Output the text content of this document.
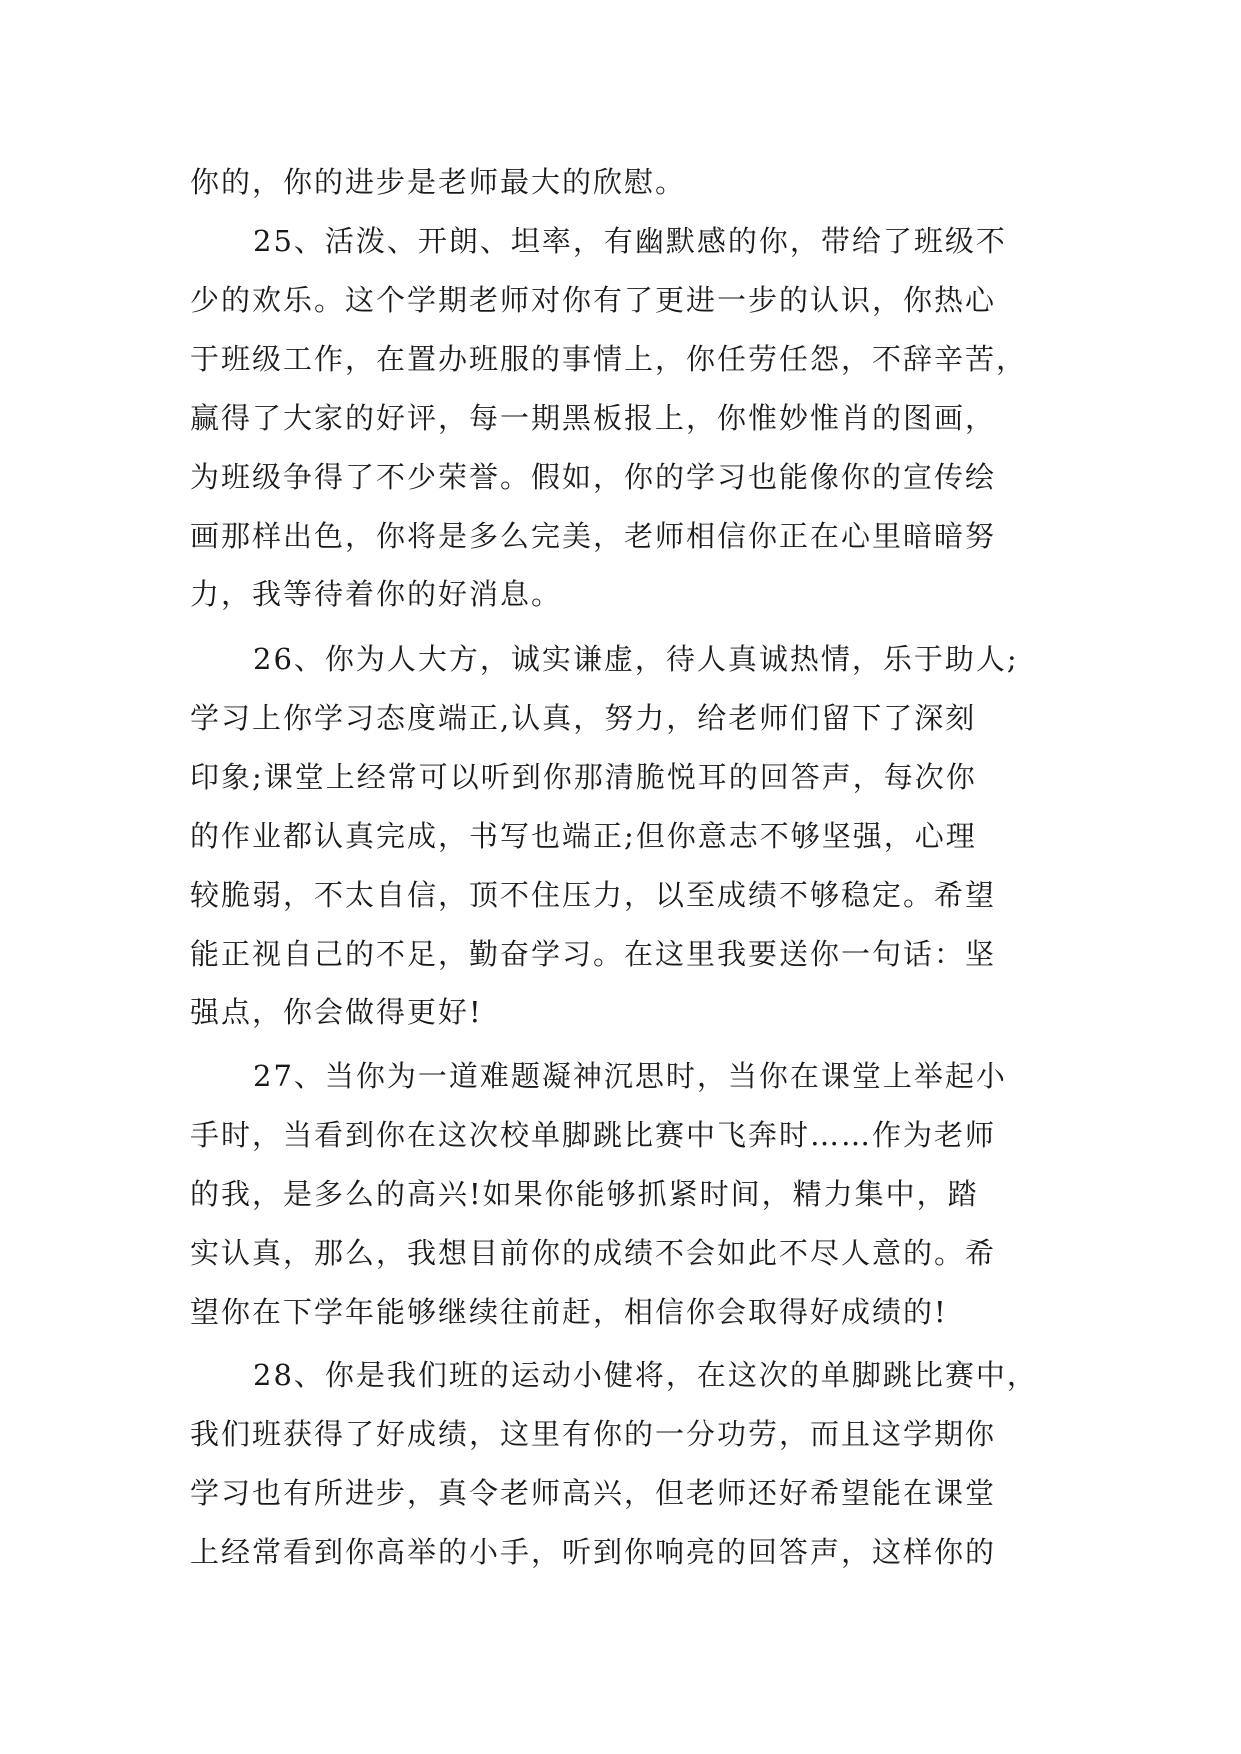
你的，你的进步是老师最大的欣慰。

25、活泼、开朗、坦率，有幽默感的你，带给了班级不
少的欢乐。这个学期老师对你有了更进一步的认识，你热心
于班级工作，在置办班服的事情上，你任劳任怨，不辞辛苦，
赢得了大家的好评，每一期黑板报上，你惟妙惟肖的图画，
为班级争得了不少荣誉。假如，你的学习也能像你的宣传绘
画那样出色，你将是多么完美，老师相信你正在心里暗暗努
力，我等待着你的好消息。

26、你为人大方，诚实谦虚，待人真诚热情，乐于助人;
学习上你学习态度端正,认真，努力，给老师们留下了深刻
印象;课堂上经常可以听到你那清脆悦耳的回答声，每次你
的作业都认真完成，书写也端正;但你意志不够坚强，心理
较脆弱，不太自信，顶不住压力，以至成绩不够稳定。希望
能正视自己的不足，勤奋学习。在这里我要送你一句话：坚
强点，你会做得更好!

27、当你为一道难题凝神沉思时，当你在课堂上举起小
手时，当看到你在这次校单脚跳比赛中飞奔时……作为老师
的我，是多么的高兴!如果你能够抓紧时间，精力集中，踏
实认真，那么，我想目前你的成绩不会如此不尽人意的。希
望你在下学年能够继续往前赶，相信你会取得好成绩的!

28、你是我们班的运动小健将，在这次的单脚跳比赛中，
我们班获得了好成绩，这里有你的一分功劳，而且这学期你
学习也有所进步，真令老师高兴，但老师还好希望能在课堂
上经常看到你高举的小手，听到你响亮的回答声，这样你的
